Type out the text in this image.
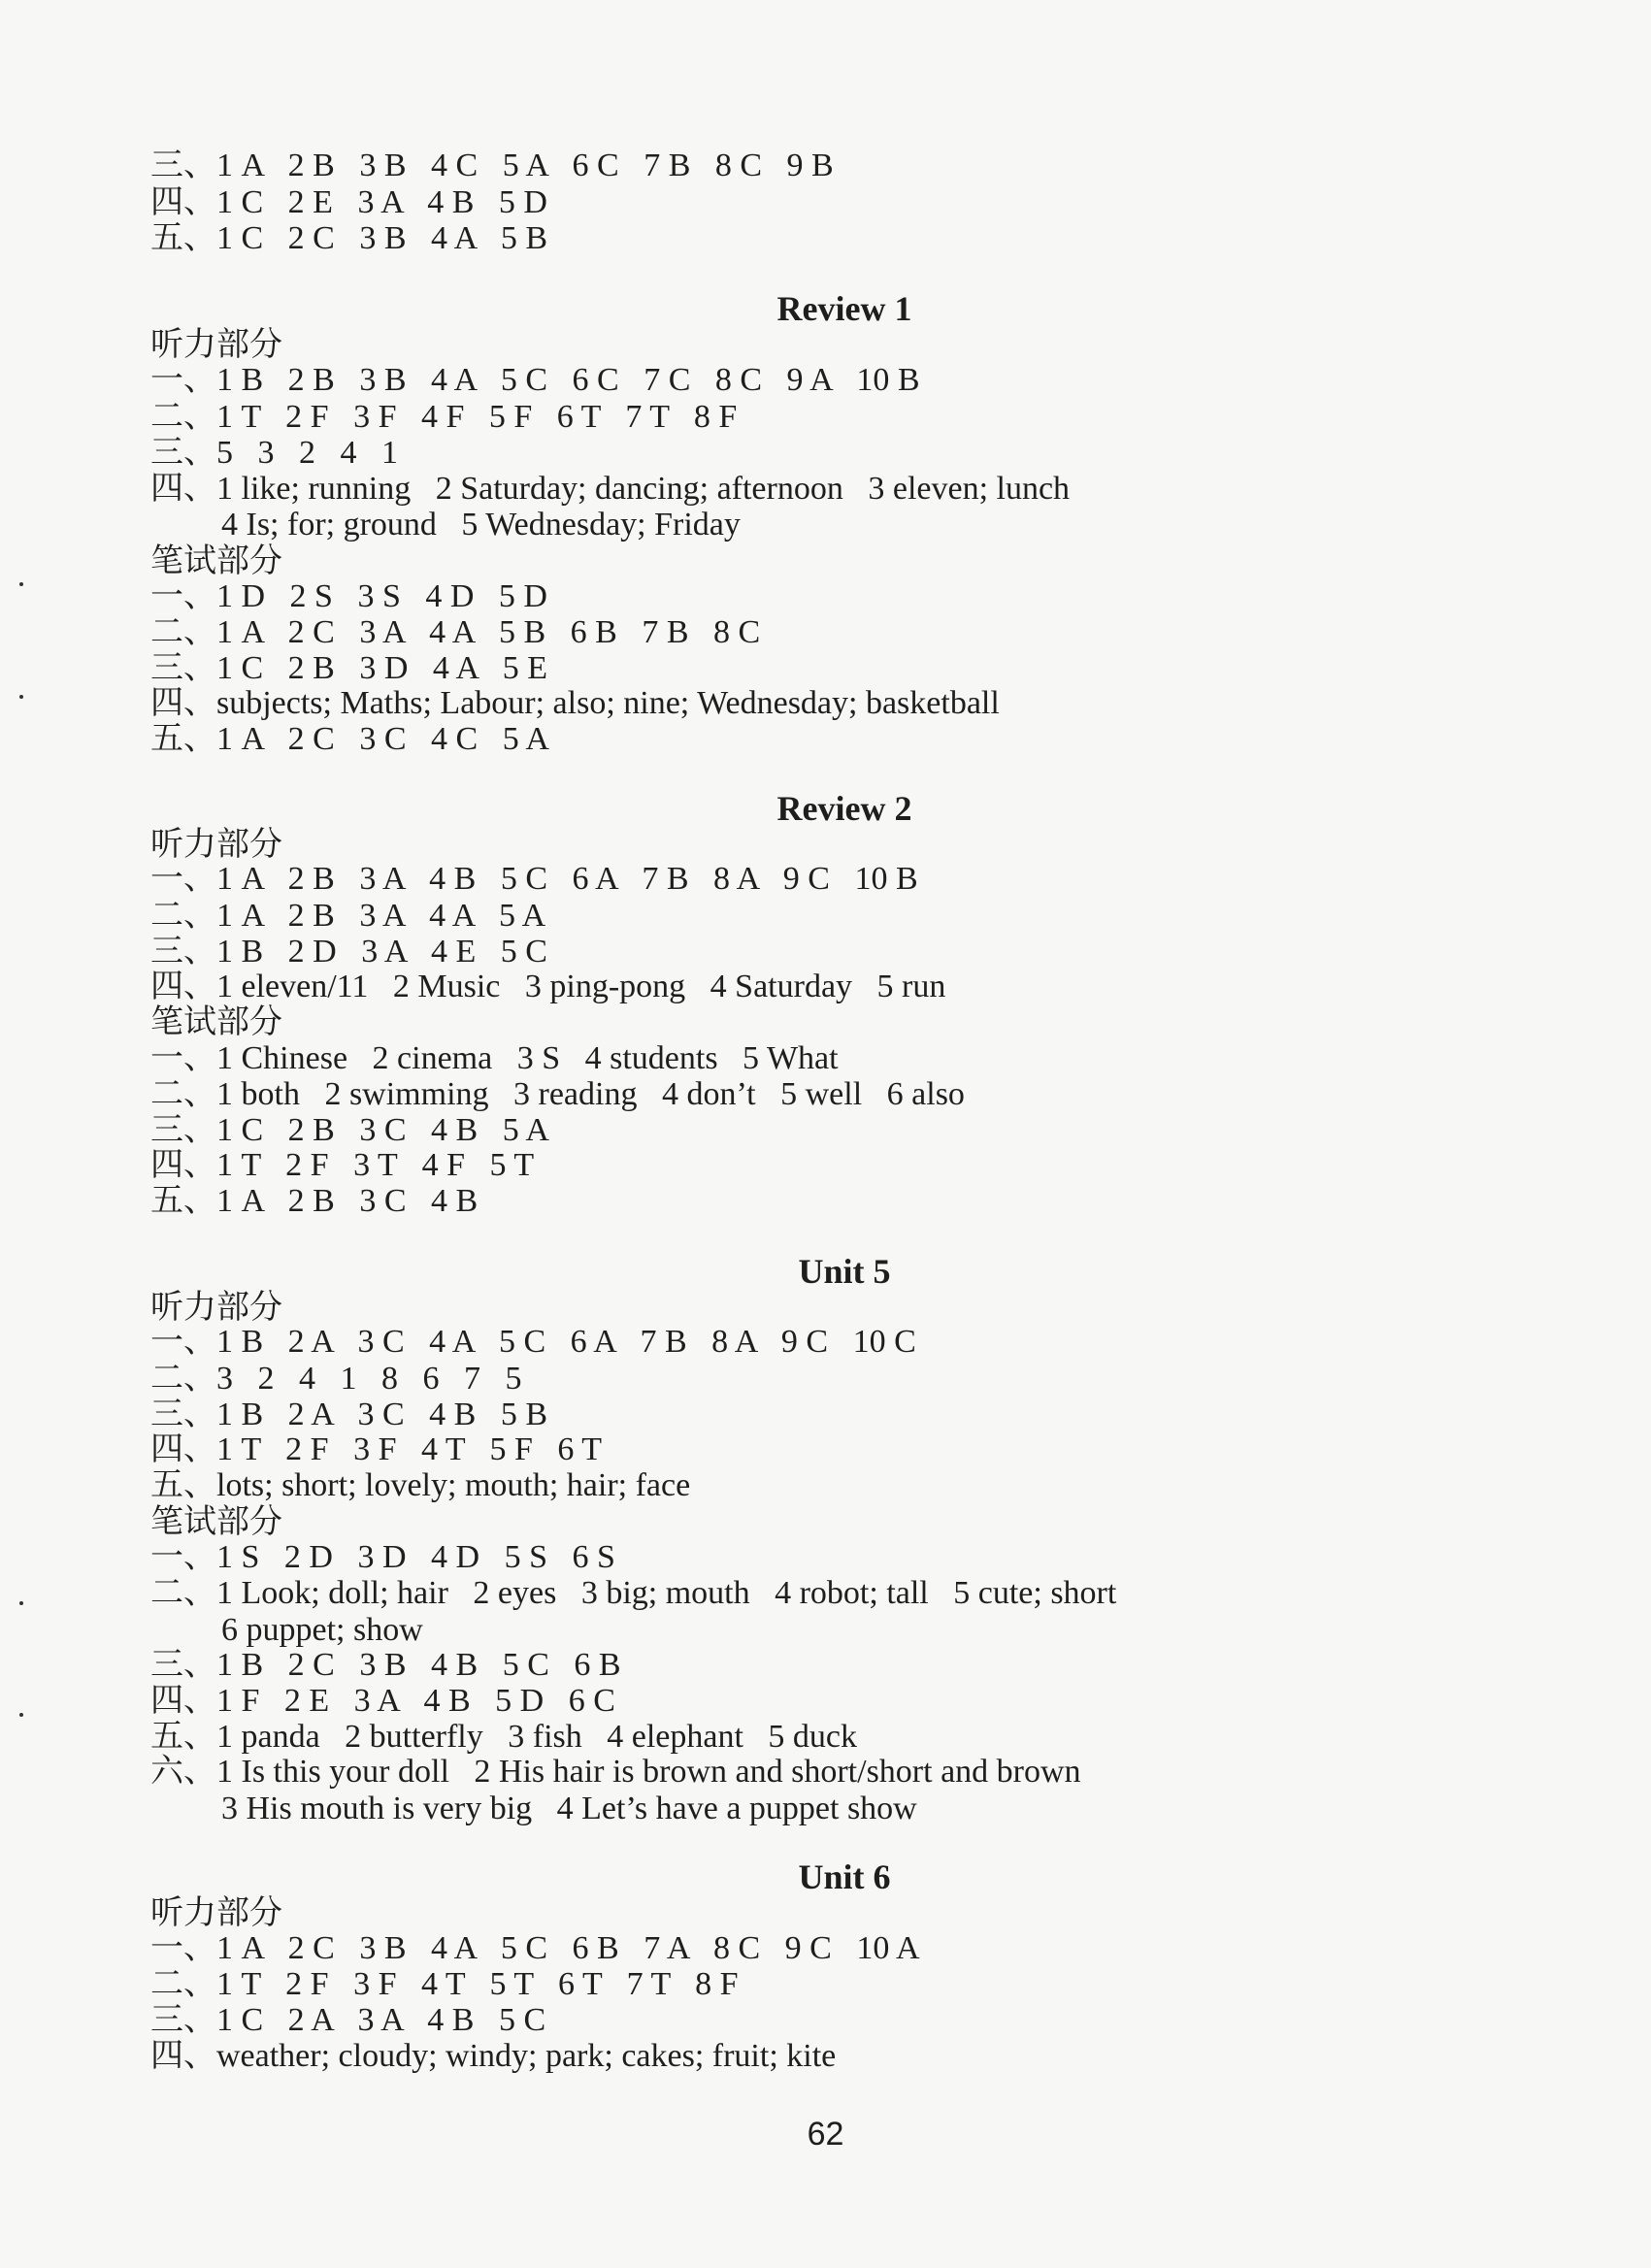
三、1 A   2 B   3 B   4 C   5 A   6 C   7 B   8 C   9 B
四、1 C   2 E   3 A   4 B   5 D
五、1 C   2 C   3 B   4 A   5 B
Review 1
听力部分
一、1 B   2 B   3 B   4 A   5 C   6 C   7 C   8 C   9 A   10 B
二、1 T   2 F   3 F   4 F   5 F   6 T   7 T   8 F
三、5   3   2   4   1
四、1 like; running   2 Saturday; dancing; afternoon   3 eleven; lunch
4 Is; for; ground   5 Wednesday; Friday
笔试部分
一、1 D   2 S   3 S   4 D   5 D
二、1 A   2 C   3 A   4 A   5 B   6 B   7 B   8 C
三、1 C   2 B   3 D   4 A   5 E
四、subjects; Maths; Labour; also; nine; Wednesday; basketball
五、1 A   2 C   3 C   4 C   5 A
Review 2
听力部分
一、1 A   2 B   3 A   4 B   5 C   6 A   7 B   8 A   9 C   10 B
二、1 A   2 B   3 A   4 A   5 A
三、1 B   2 D   3 A   4 E   5 C
四、1 eleven/11   2 Music   3 ping-pong   4 Saturday   5 run
笔试部分
一、1 Chinese   2 cinema   3 S   4 students   5 What
二、1 both   2 swimming   3 reading   4 don’t   5 well   6 also
三、1 C   2 B   3 C   4 B   5 A
四、1 T   2 F   3 T   4 F   5 T
五、1 A   2 B   3 C   4 B
Unit 5
听力部分
一、1 B   2 A   3 C   4 A   5 C   6 A   7 B   8 A   9 C   10 C
二、3   2   4   1   8   6   7   5
三、1 B   2 A   3 C   4 B   5 B
四、1 T   2 F   3 F   4 T   5 F   6 T
五、lots; short; lovely; mouth; hair; face
笔试部分
一、1 S   2 D   3 D   4 D   5 S   6 S
二、1 Look; doll; hair   2 eyes   3 big; mouth   4 robot; tall   5 cute; short
6 puppet; show
三、1 B   2 C   3 B   4 B   5 C   6 B
四、1 F   2 E   3 A   4 B   5 D   6 C
五、1 panda   2 butterfly   3 fish   4 elephant   5 duck
六、1 Is this your doll   2 His hair is brown and short/short and brown
3 His mouth is very big   4 Let’s have a puppet show
Unit 6
听力部分
一、1 A   2 C   3 B   4 A   5 C   6 B   7 A   8 C   9 C   10 A
二、1 T   2 F   3 F   4 T   5 T   6 T   7 T   8 F
三、1 C   2 A   3 A   4 B   5 C
四、weather; cloudy; windy; park; cakes; fruit; kite
62
